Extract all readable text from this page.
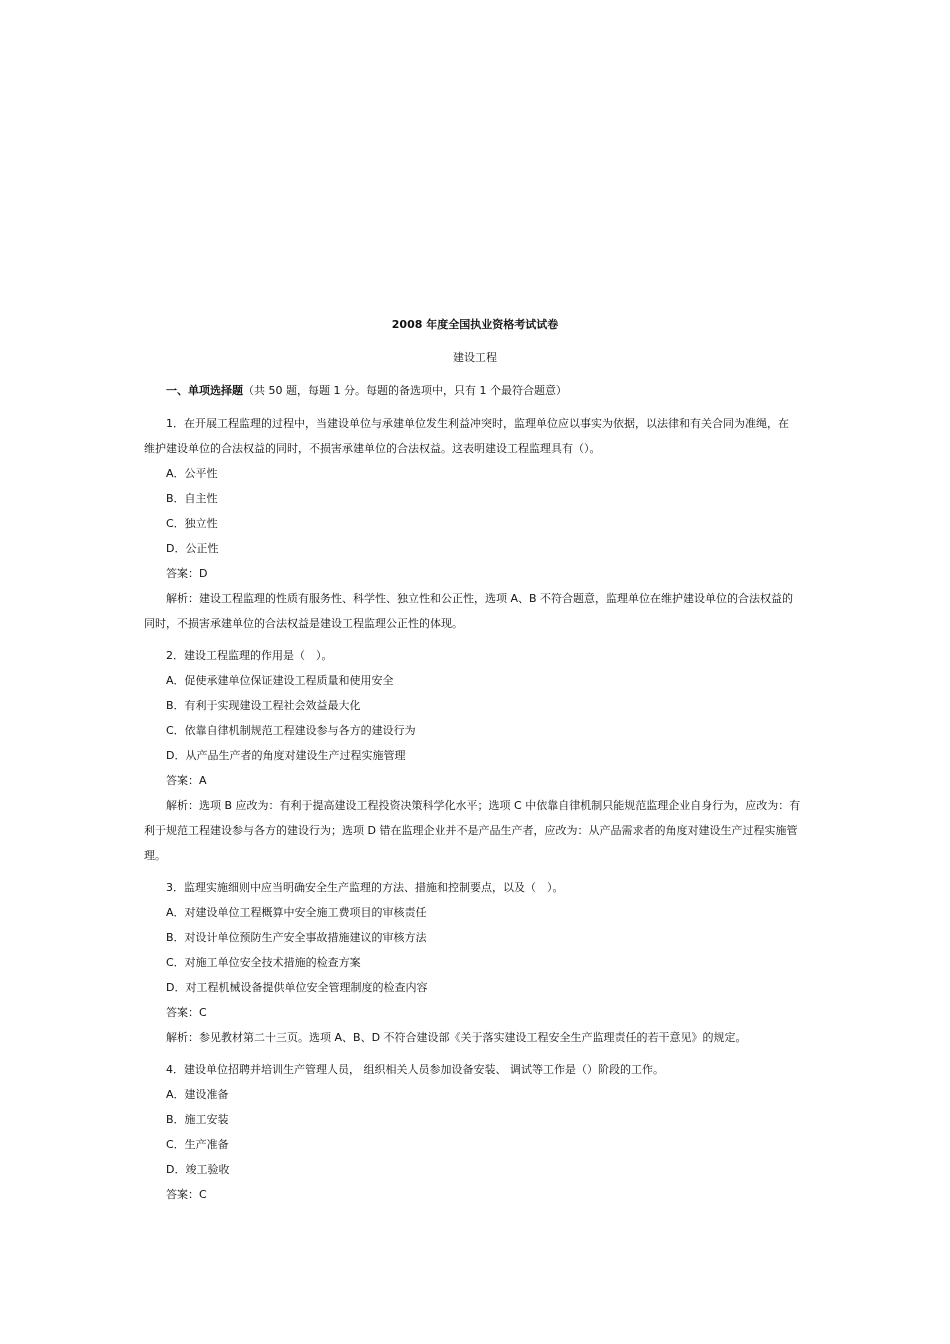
2008 年度全国执业资格考试试卷
建设工程
一、单项选择题（共 50 题，每题 1 分。每题的备选项中，只有 1 个最符合题意）
1．在开展工程监理的过程中，当建设单位与承建单位发生利益冲突时，监理单位应以事实为依据，以法律和有关合同为准绳，在
维护建设单位的合法权益的同时，不损害承建单位的合法权益。这表明建设工程监理具有（）。
A．公平性
B．自主性
C．独立性
D．公正性
答案：D
解析：建设工程监理的性质有服务性、科学性、独立性和公正性，选项 A、B 不符合题意，监理单位在维护建设单位的合法权益的
同时，不损害承建单位的合法权益是建设工程监理公正性的体现。
2．建设工程监理的作用是（　）。
A．促使承建单位保证建设工程质量和使用安全
B．有利于实现建设工程社会效益最大化
C．依靠自律机制规范工程建设参与各方的建设行为
D．从产品生产者的角度对建设生产过程实施管理
答案：A
解析：选项 B 应改为：有利于提高建设工程投资决策科学化水平；选项 C 中依靠自律机制只能规范监理企业自身行为，应改为：有
利于规范工程建设参与各方的建设行为；选项 D 错在监理企业并不是产品生产者，应改为：从产品需求者的角度对建设生产过程实施管
理。
3．监理实施细则中应当明确安全生产监理的方法、措施和控制要点，以及（　）。
A．对建设单位工程概算中安全施工费项目的审核责任
B．对设计单位预防生产安全事故措施建议的审核方法
C．对施工单位安全技术措施的检查方案
D．对工程机械设备提供单位安全管理制度的检查内容
答案：C
解析：参见教材第二十三页。选项 A、B、D 不符合建设部《关于落实建设工程安全生产监理责任的若干意见》的规定。
4．建设单位招聘并培训生产管理人员， 组织相关人员参加设备安装、 调试等工作是（）阶段的工作。
A．建设准备
B．施工安装
C．生产准备
D．竣工验收
答案：C
